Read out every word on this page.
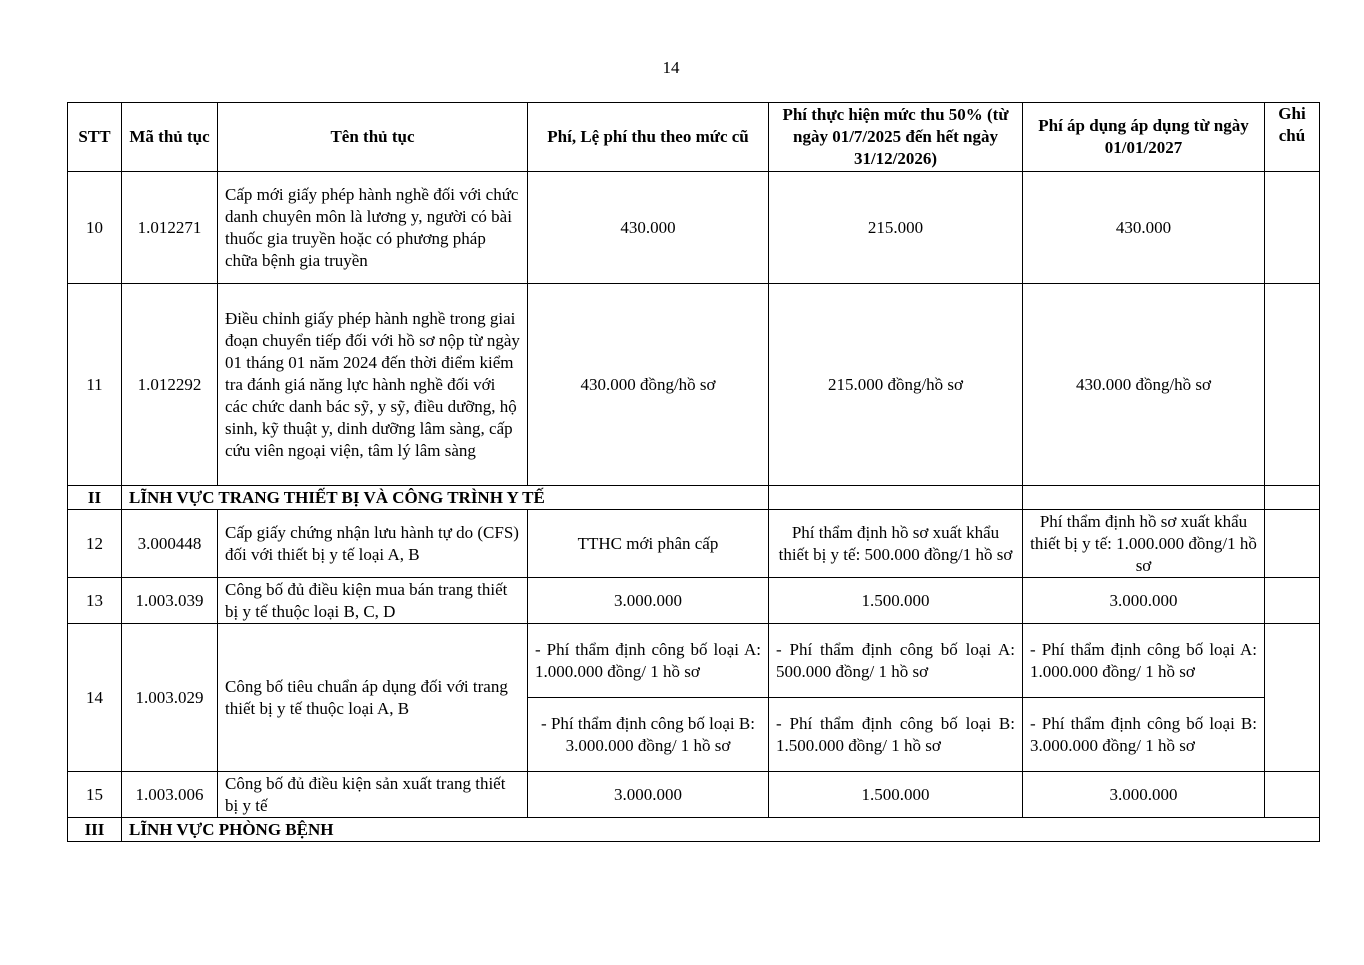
14
STT	Mã thủ tục	Tên thủ tục	Phí, Lệ phí thu theo mức cũ	Phí thực hiện mức thu 50% (từ ngày 01/7/2025 đến hết ngày 31/12/2026)	Phí áp dụng áp dụng từ ngày 01/01/2027	Ghi chú
10	1.012271	Cấp mới giấy phép hành nghề đối với chức danh chuyên môn là lương y, người có bài thuốc gia truyền hoặc có phương pháp chữa bệnh gia truyền	430.000	215.000	430.000	
11	1.012292	Điều chỉnh giấy phép hành nghề trong giai đoạn chuyển tiếp đối với hồ sơ nộp từ ngày 01 tháng 01 năm 2024 đến thời điểm kiểm tra đánh giá năng lực hành nghề đối với các chức danh bác sỹ, y sỹ, điều dưỡng, hộ sinh, kỹ thuật y, dinh dưỡng lâm sàng, cấp cứu viên ngoại viện, tâm lý lâm sàng	430.000 đồng/hồ sơ	215.000 đồng/hồ sơ	430.000 đồng/hồ sơ	
II	LĨNH VỰC TRANG THIẾT BỊ VÀ CÔNG TRÌNH Y TẾ					
12	3.000448	Cấp giấy chứng nhận lưu hành tự do (CFS) đối với thiết bị y tế loại A, B	TTHC mới phân cấp	Phí thẩm định hồ sơ xuất khẩu thiết bị y tế: 500.000 đồng/1 hồ sơ	Phí thẩm định hồ sơ xuất khẩu thiết bị y tế: 1.000.000 đồng/1 hồ sơ	
13	1.003.039	Công bố đủ điều kiện mua bán trang thiết bị y tế thuộc loại B, C, D	3.000.000	1.500.000	3.000.000	
14	1.003.029	Công bố tiêu chuẩn áp dụng đối với trang thiết bị y tế thuộc loại A, B	- Phí thẩm định công bố loại A: 1.000.000 đồng/ 1 hồ sơ	- Phí thẩm định công bố loại A: 500.000 đồng/ 1 hồ sơ	- Phí thẩm định công bố loại A: 1.000.000 đồng/ 1 hồ sơ	
			- Phí thẩm định công bố loại B: 3.000.000 đồng/ 1 hồ sơ	- Phí thẩm định công bố loại B: 1.500.000 đồng/ 1 hồ sơ	- Phí thẩm định công bố loại B: 3.000.000 đồng/ 1 hồ sơ	
15	1.003.006	Công bố đủ điều kiện sản xuất trang thiết bị y tế	3.000.000	1.500.000	3.000.000	
III	LĨNH VỰC PHÒNG BỆNH					
